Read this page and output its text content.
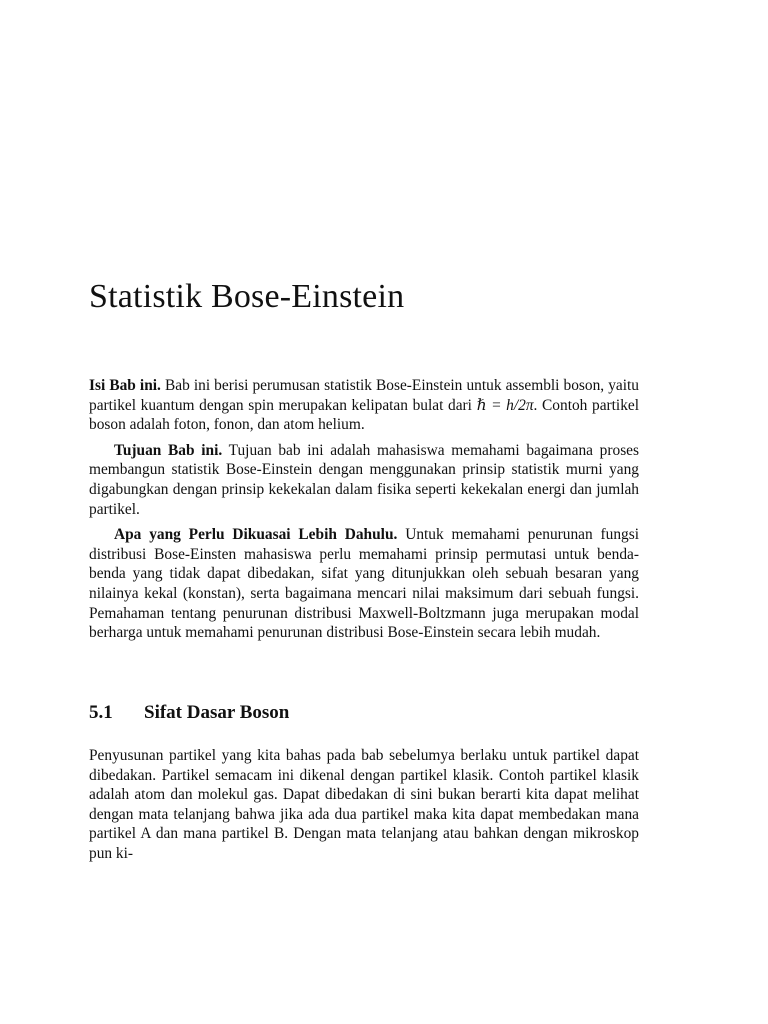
Statistik Bose-Einstein

Isi Bab ini. Bab ini berisi perumusan statistik Bose-Einstein untuk assembli boson, yaitu partikel kuantum dengan spin merupakan kelipatan bulat dari ℏ = h/2π. Contoh partikel boson adalah foton, fonon, dan atom helium.

Tujuan Bab ini. Tujuan bab ini adalah mahasiswa memahami bagaimana proses membangun statistik Bose-Einstein dengan menggunakan prinsip statistik murni yang digabungkan dengan prinsip kekekalan dalam fisika seperti kekekalan energi dan jumlah partikel.

Apa yang Perlu Dikuasai Lebih Dahulu. Untuk memahami penurunan fungsi distribusi Bose-Einsten mahasiswa perlu memahami prinsip permutasi untuk benda-benda yang tidak dapat dibedakan, sifat yang ditunjukkan oleh sebuah besaran yang nilainya kekal (konstan), serta bagaimana mencari nilai maksimum dari sebuah fungsi. Pemahaman tentang penurunan distribusi Maxwell-Boltzmann juga merupakan modal berharga untuk memahami penurunan distribusi Bose-Einstein secara lebih mudah.

5.1 Sifat Dasar Boson

Penyusunan partikel yang kita bahas pada bab sebelumya berlaku untuk partikel dapat dibedakan. Partikel semacam ini dikenal dengan partikel klasik. Contoh partikel klasik adalah atom dan molekul gas. Dapat dibedakan di sini bukan berarti kita dapat melihat dengan mata telanjang bahwa jika ada dua partikel maka kita dapat membedakan mana partikel A dan mana partikel B. Dengan mata telanjang atau bahkan dengan mikroskop pun ki-
